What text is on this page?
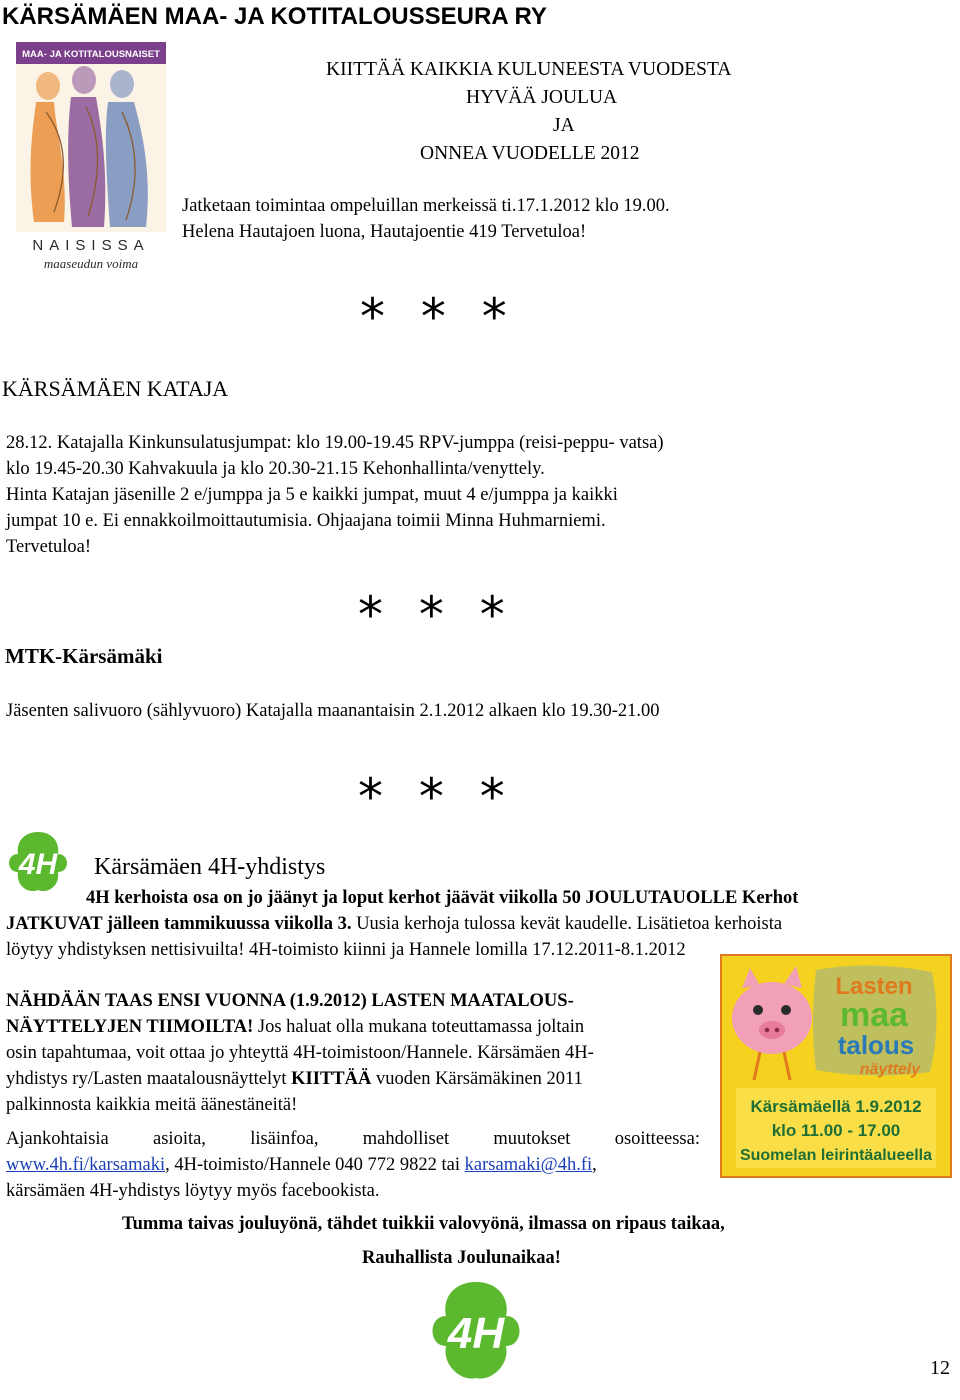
KÄRSÄMÄEN MAA- JA KOTITALOUSSEURA RY
MAA- JA KOTITALOUSNAISET
NAISISSA
maaseudun voima
KIITTÄÄ KAIKKIA KULUNEESTA VUODESTA
HYVÄÄ JOULUA
JA
ONNEA VUODELLE 2012
Jatketaan toimintaa ompeluillan merkeissä ti.17.1.2012 klo 19.00.
Helena Hautajoen luona, Hautajoentie 419 Tervetuloa!
* * *
KÄRSÄMÄEN KATAJA
28.12. Katajalla Kinkunsulatusjumpat: klo 19.00-19.45 RPV-jumppa (reisi-peppu- vatsa)
klo 19.45-20.30 Kahvakuula ja klo 20.30-21.15 Kehonhallinta/venyttely.
Hinta Katajan jäsenille 2 e/jumppa ja 5 e kaikki jumpat, muut 4 e/jumppa ja kaikki
jumpat 10 e. Ei ennakkoilmoittautumisia. Ohjaajana toimii Minna Huhmarniemi.
Tervetuloa!
* * *
MTK-Kärsämäki
Jäsenten salivuoro (sählyvuoro) Katajalla maanantaisin 2.1.2012 alkaen klo 19.30-21.00
* * *
4H Kärsämäen 4H-yhdistys
4H kerhoista osa on jo jäänyt ja loput kerhot jäävät viikolla 50 JOULUTAUOLLE Kerhot
JATKUVAT jälleen tammikuussa viikolla 3. Uusia kerhoja tulossa kevät kaudelle. Lisätietoa kerhoista
löytyy yhdistyksen nettisivuilta! 4H-toimisto kiinni ja Hannele lomilla 17.12.2011-8.1.2012
NÄHDÄÄN TAAS ENSI VUONNA (1.9.2012) LASTEN MAATALOUS-
NÄYTTELYJEN TIIMOILTA! Jos haluat olla mukana toteuttamassa joltain
osin tapahtumaa, voit ottaa jo yhteyttä 4H-toimistoon/Hannele. Kärsämäen 4H-
yhdistys ry/Lasten maatalousnäyttelyt KIITTÄÄ vuoden Kärsämäkinen 2011
palkinnosta kaikkia meitä äänestäneitä!
Ajankohtaisia asioita, lisäinfoa, mahdolliset muutokset osoitteessa:
www.4h.fi/karsamaki, 4H-toimisto/Hannele 040 772 9822 tai karsamaki@4h.fi,
kärsämäen 4H-yhdistys löytyy myös facebookista.
Lasten
maa
talous
näyttely
Kärsämäellä 1.9.2012
klo 11.00 - 17.00
Suomelan leirintäalueella
Tumma taivas jouluyönä, tähdet tuikkii valovyönä, ilmassa on ripaus taikaa,
Rauhallista Joulunaikaa!
4H
12
